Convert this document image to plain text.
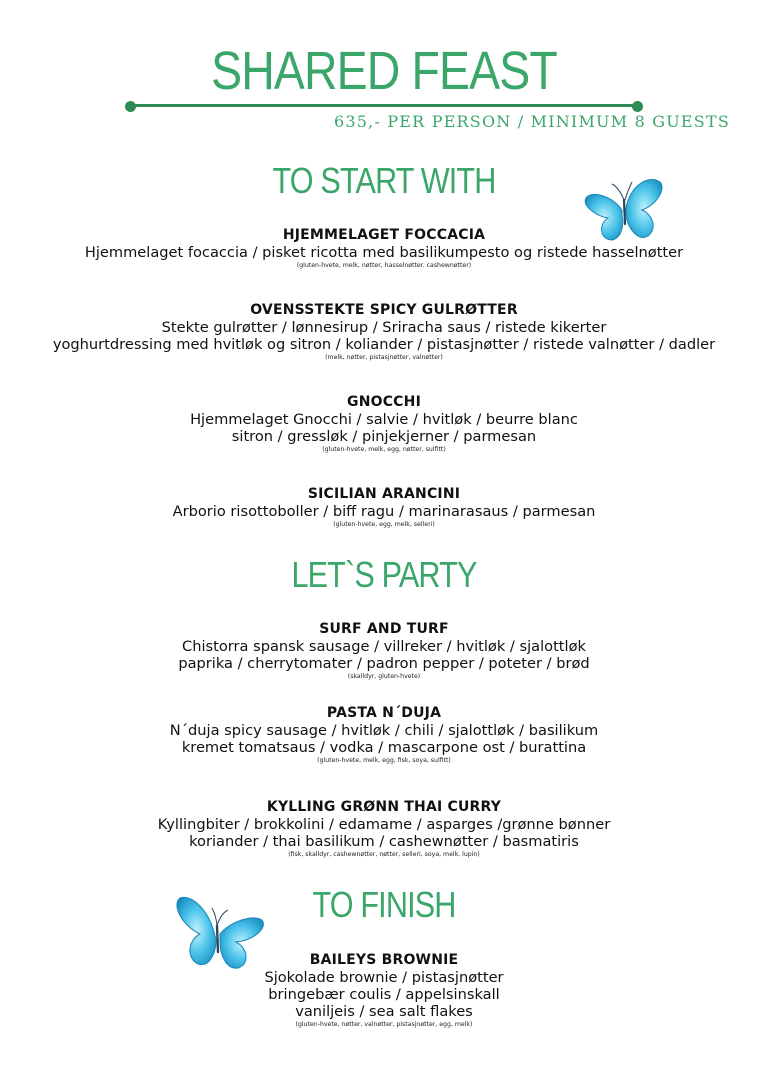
SHARED FEAST
635,- PER PERSON / MINIMUM 8 GUESTS
TO START WITH
HJEMMELAGET FOCCACIA
Hjemmelaget focaccia / pisket ricotta med basilikumpesto og ristede hasselnøtter
(gluten-hvete, melk, nøtter, hasselnøtter. cashewnøtter)
OVENSSTEKTE SPICY GULRØTTER
Stekte gulrøtter / lønnesirup / Sriracha saus / ristede kikerter
yoghurtdressing med hvitløk og sitron / koliander / pistasjnøtter / ristede valnøtter / dadler
(melk, nøtter, pistasjnøtter, valnøtter)
GNOCCHI
Hjemmelaget Gnocchi / salvie / hvitløk / beurre blanc
sitron / gressløk / pinjekjerner / parmesan
(gluten-hvete, melk, egg, nøtter, sulfitt)
SICILIAN ARANCINI
Arborio risottoboller / biff ragu / marinarasaus / parmesan
(gluten-hvete, egg, melk, selleri)
LET`S PARTY
SURF AND TURF
Chistorra spansk sausage / villreker / hvitløk / sjalottløk
paprika / cherrytomater / padron pepper / poteter / brød
(skalldyr, gluten-hvete)
PASTA N´DUJA
N´duja spicy sausage / hvitløk / chili / sjalottløk / basilikum
kremet tomatsaus / vodka / mascarpone ost / burattina
(gluten-hvete, melk, egg, fisk, soya, sulfitt)
KYLLING GRØNN THAI CURRY
Kyllingbiter / brokkolini / edamame / asparges /grønne bønner
koriander / thai basilikum / cashewnøtter / basmatiris
(fisk, skalldyr, cashewnøtter, nøtter, selleri, soya, melk, lupin)
TO FINISH
BAILEYS BROWNIE
Sjokolade brownie / pistasjnøtter
bringebær coulis / appelsinskall
vaniljeis / sea salt flakes
(gluten-hvete, nøtter, valnøtter, pistasjnøtter, egg, melk)
